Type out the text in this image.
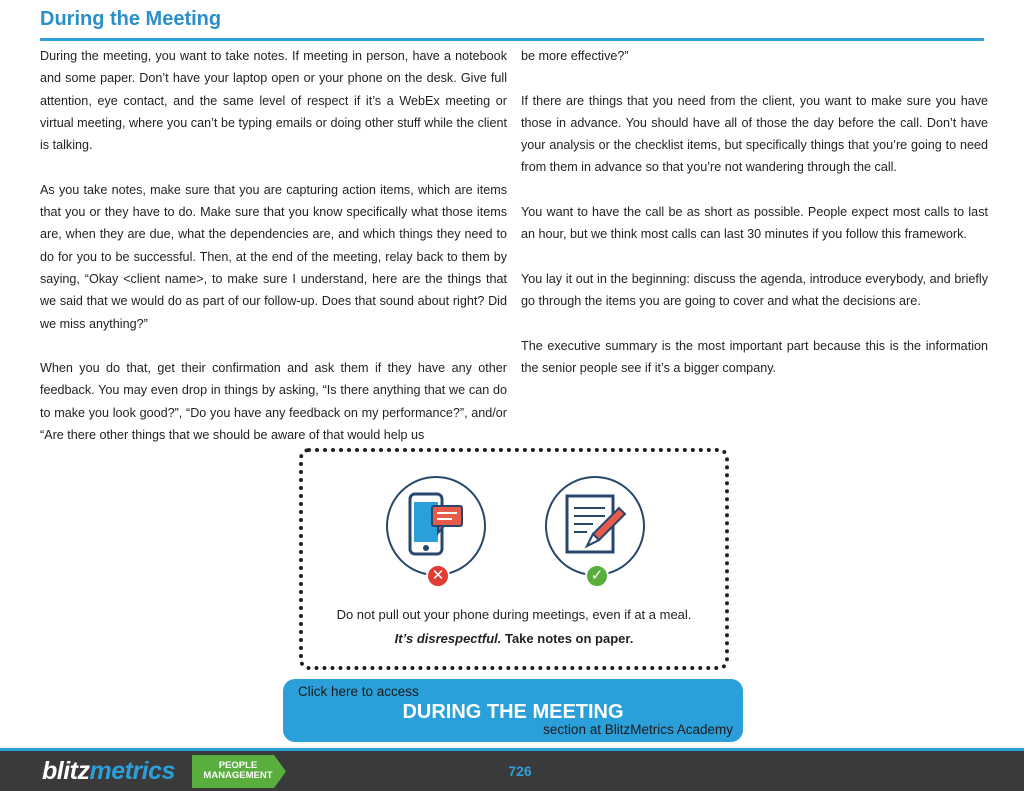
During the Meeting

During the meeting, you want to take notes. If meeting in person, have a notebook and some paper. Don’t have your laptop open or your phone on the desk. Give full attention, eye contact, and the same level of respect if it’s a WebEx meeting or virtual meeting, where you can’t be typing emails or doing other stuff while the client is talking.

As you take notes, make sure that you are capturing action items, which are items that you or they have to do. Make sure that you know specifically what those items are, when they are due, what the dependencies are, and which things they need to do for you to be successful. Then, at the end of the meeting, relay back to them by saying, “Okay <client name>, to make sure I understand, here are the things that we said that we would do as part of our follow-up. Does that sound about right? Did we miss anything?”

When you do that, get their confirmation and ask them if they have any other feedback. You may even drop in things by asking, “Is there anything that we can do to make you look good?”, “Do you have any feedback on my performance?”, and/or “Are there other things that we should be aware of that would help us

be more effective?”

If there are things that you need from the client, you want to make sure you have those in advance. You should have all of those the day before the call. Don’t have your analysis or the checklist items, but specifically things that you’re going to need from them in advance so that you’re not wandering through the call.

You want to have the call be as short as possible. People expect most calls to last an hour, but we think most calls can last 30 minutes if you follow this framework.

You lay it out in the beginning: discuss the agenda, introduce everybody, and briefly go through the items you are going to cover and what the decisions are.

The executive summary is the most important part because this is the information the senior people see if it’s a bigger company.

✕	✓
Do not pull out your phone during meetings, even if at a meal.
It’s disrespectful. Take notes on paper.
Click here to access
DURING THE MEETING
section at BlitzMetrics Academy
blitzmetrics	PEOPLE
MANAGEMENT	726
